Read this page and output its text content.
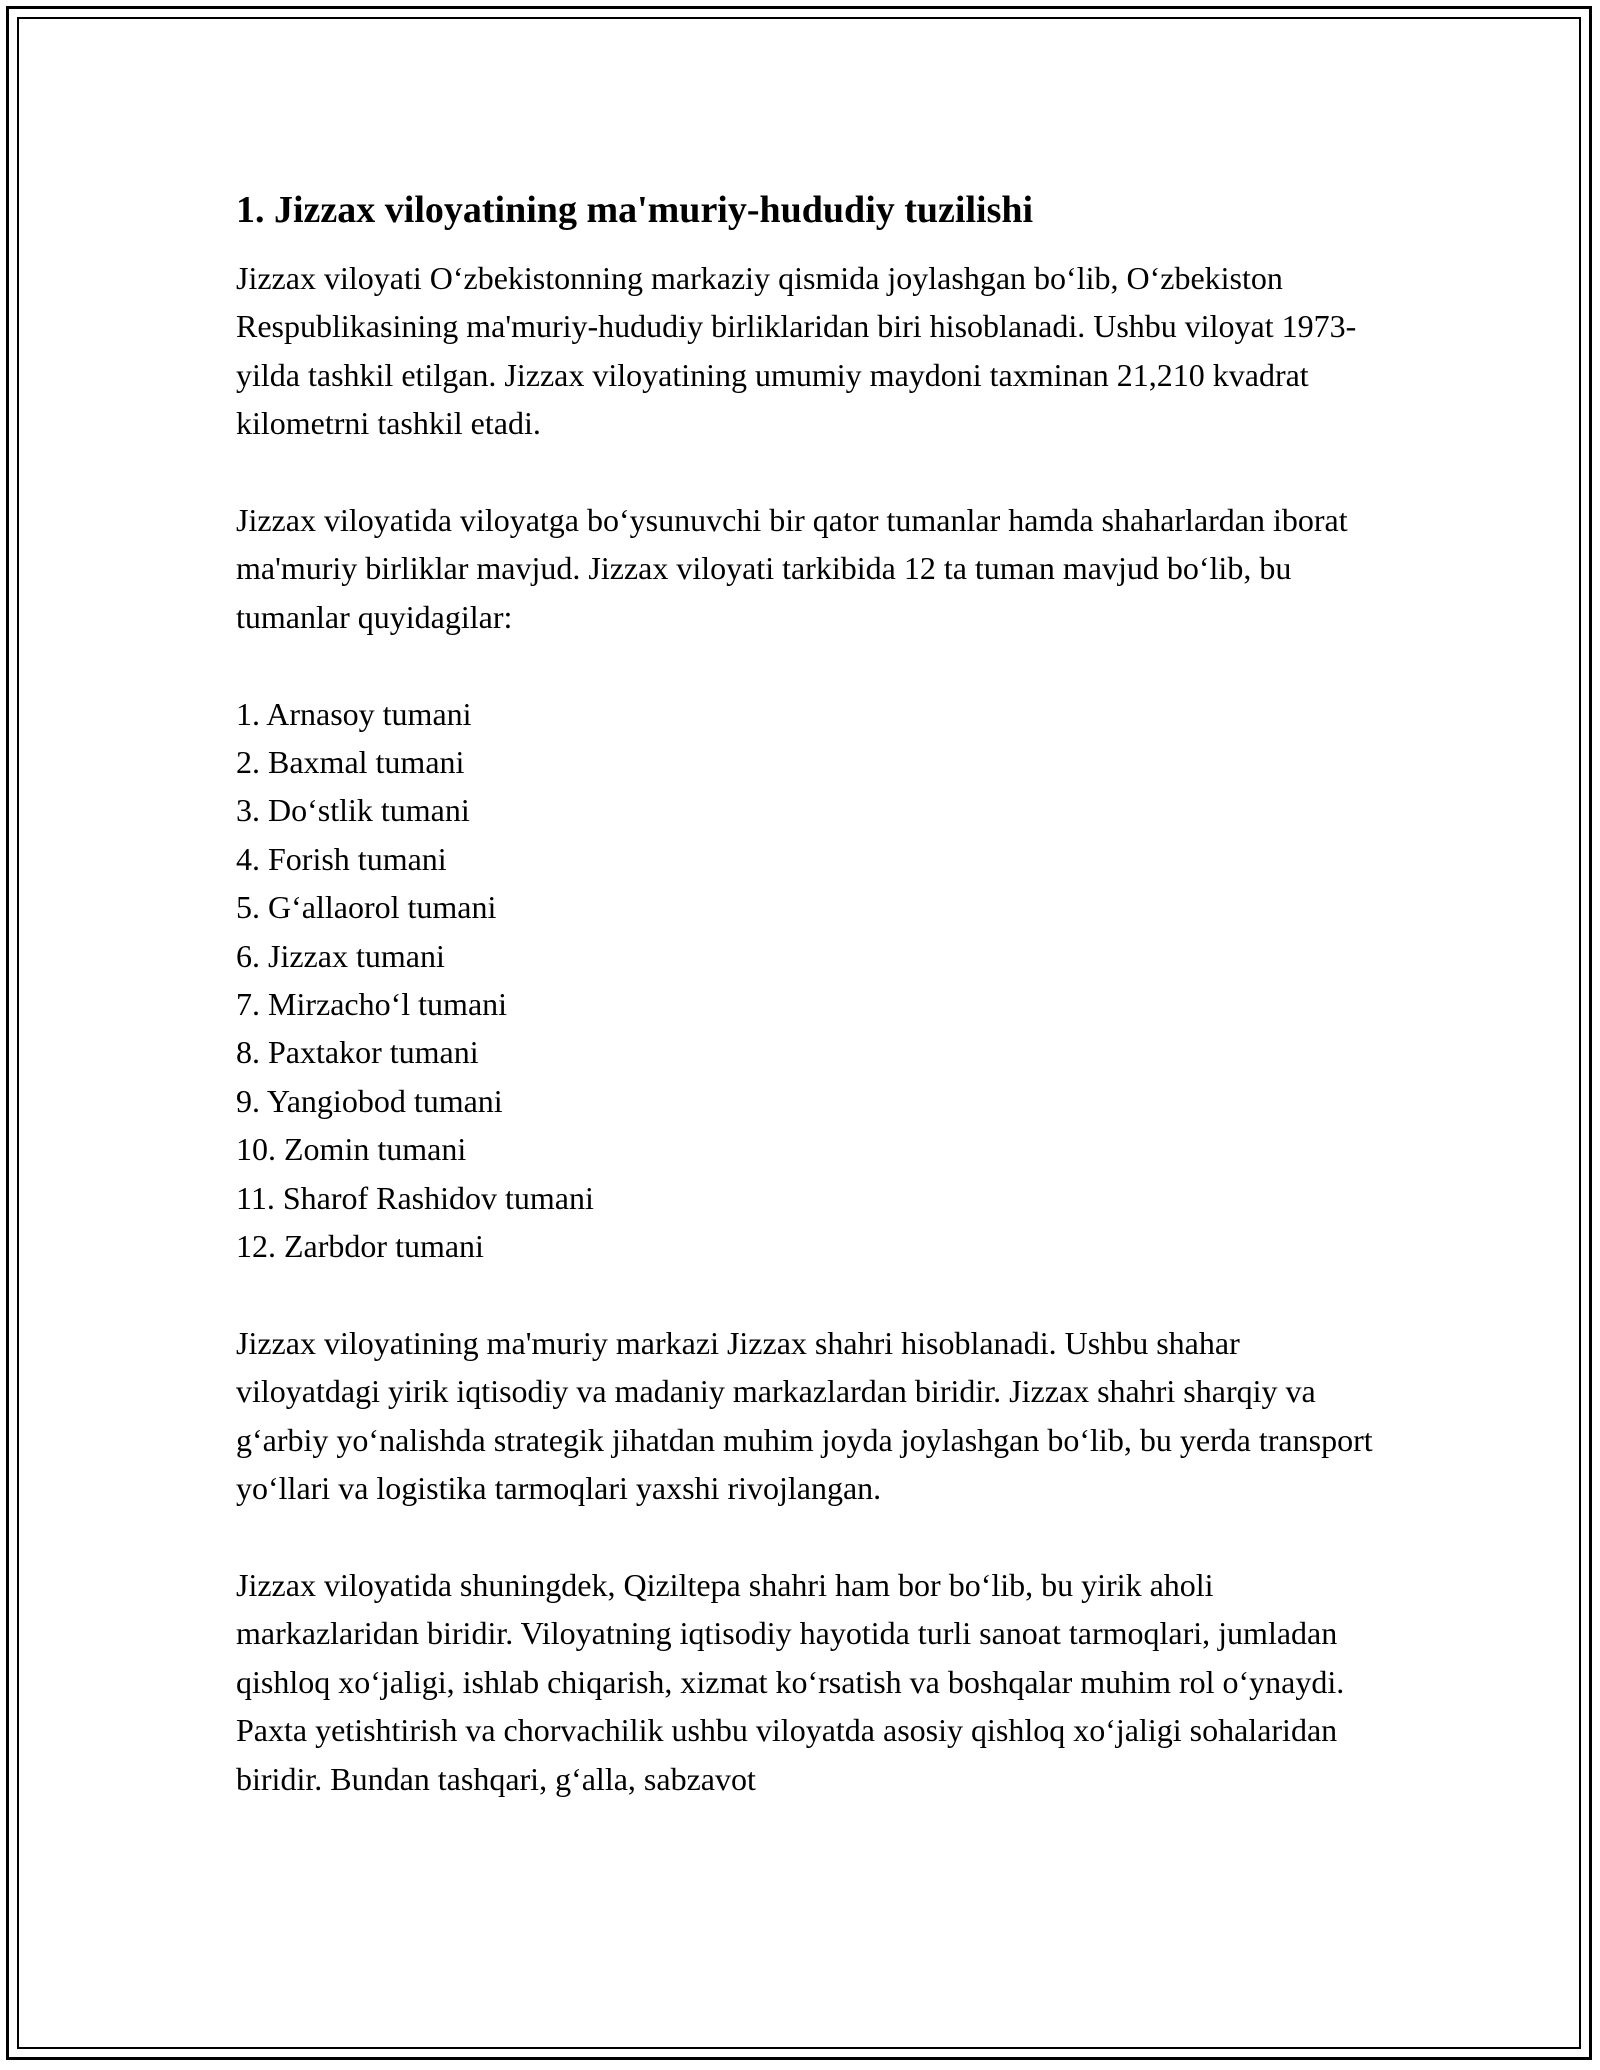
1. Jizzax viloyatining ma'muriy-hududiy tuzilishi

Jizzax viloyati O‘zbekistonning markaziy qismida joylashgan bo‘lib, O‘zbekiston Respublikasining ma'muriy-hududiy birliklaridan biri hisoblanadi. Ushbu viloyat 1973-yilda tashkil etilgan. Jizzax viloyatining umumiy maydoni taxminan 21,210 kvadrat kilometrni tashkil etadi.

Jizzax viloyatida viloyatga bo‘ysunuvchi bir qator tumanlar hamda shaharlardan iborat ma'muriy birliklar mavjud. Jizzax viloyati tarkibida 12 ta tuman mavjud bo‘lib, bu tumanlar quyidagilar:

1. Arnasoy tumani
2. Baxmal tumani
3. Do‘stlik tumani
4. Forish tumani
5. G‘allaorol tumani
6. Jizzax tumani
7. Mirzacho‘l tumani
8. Paxtakor tumani
9. Yangiobod tumani
10. Zomin tumani
11. Sharof Rashidov tumani
12. Zarbdor tumani

Jizzax viloyatining ma'muriy markazi Jizzax shahri hisoblanadi. Ushbu shahar viloyatdagi yirik iqtisodiy va madaniy markazlardan biridir. Jizzax shahri sharqiy va g‘arbiy yo‘nalishda strategik jihatdan muhim joyda joylashgan bo‘lib, bu yerda transport yo‘llari va logistika tarmoqlari yaxshi rivojlangan.

Jizzax viloyatida shuningdek, Qiziltepa shahri ham bor bo‘lib, bu yirik aholi markazlaridan biridir. Viloyatning iqtisodiy hayotida turli sanoat tarmoqlari, jumladan qishloq xo‘jaligi, ishlab chiqarish, xizmat ko‘rsatish va boshqalar muhim rol o‘ynaydi. Paxta yetishtirish va chorvachilik ushbu viloyatda asosiy qishloq xo‘jaligi sohalaridan biridir. Bundan tashqari, g‘alla, sabzavot
